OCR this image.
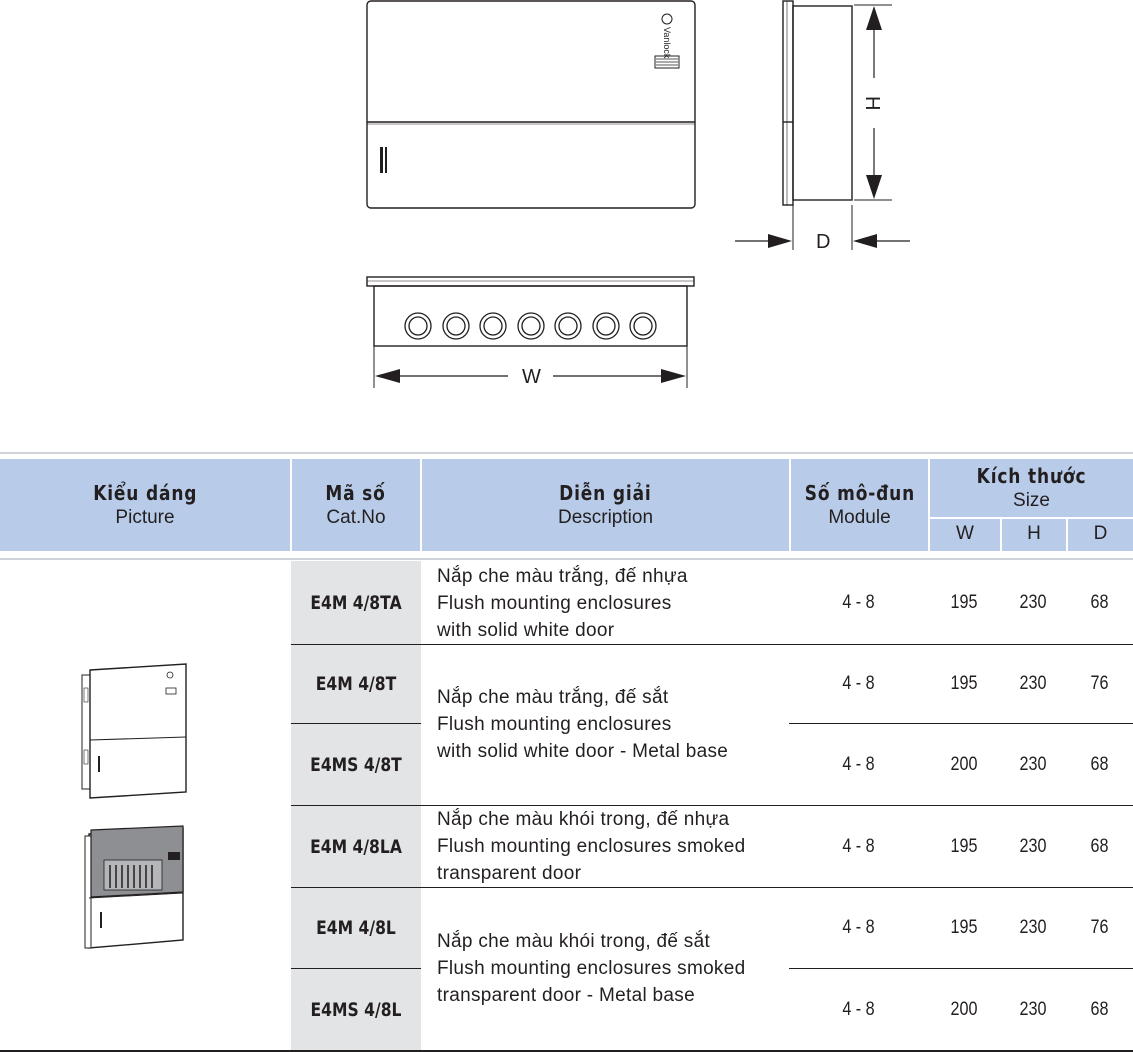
Vanlock
H
D
W
Kiểu dáng
Picture
Mã số
Cat.No
Diễn giải
Description
Số mô-đun
Module
Kích thước
Size
W	H	D
E4M 4/8TA
Nắp che màu trắng, đế nhựa
Flush mounting enclosures
with solid white door
4 - 8	195	230	68
E4M 4/8T
Nắp che màu trắng, đế sắt
Flush mounting enclosures
with solid white door - Metal base
4 - 8	195	230	76
E4MS 4/8T	4 - 8	200	230	68
E4M 4/8LA
Nắp che màu khói trong, đế nhựa
Flush mounting enclosures smoked
transparent door
4 - 8	195	230	68
E4M 4/8L
Nắp che màu khói trong, đế sắt
Flush mounting enclosures smoked
transparent door - Metal base
4 - 8	195	230	76
E4MS 4/8L	4 - 8	200	230	68
